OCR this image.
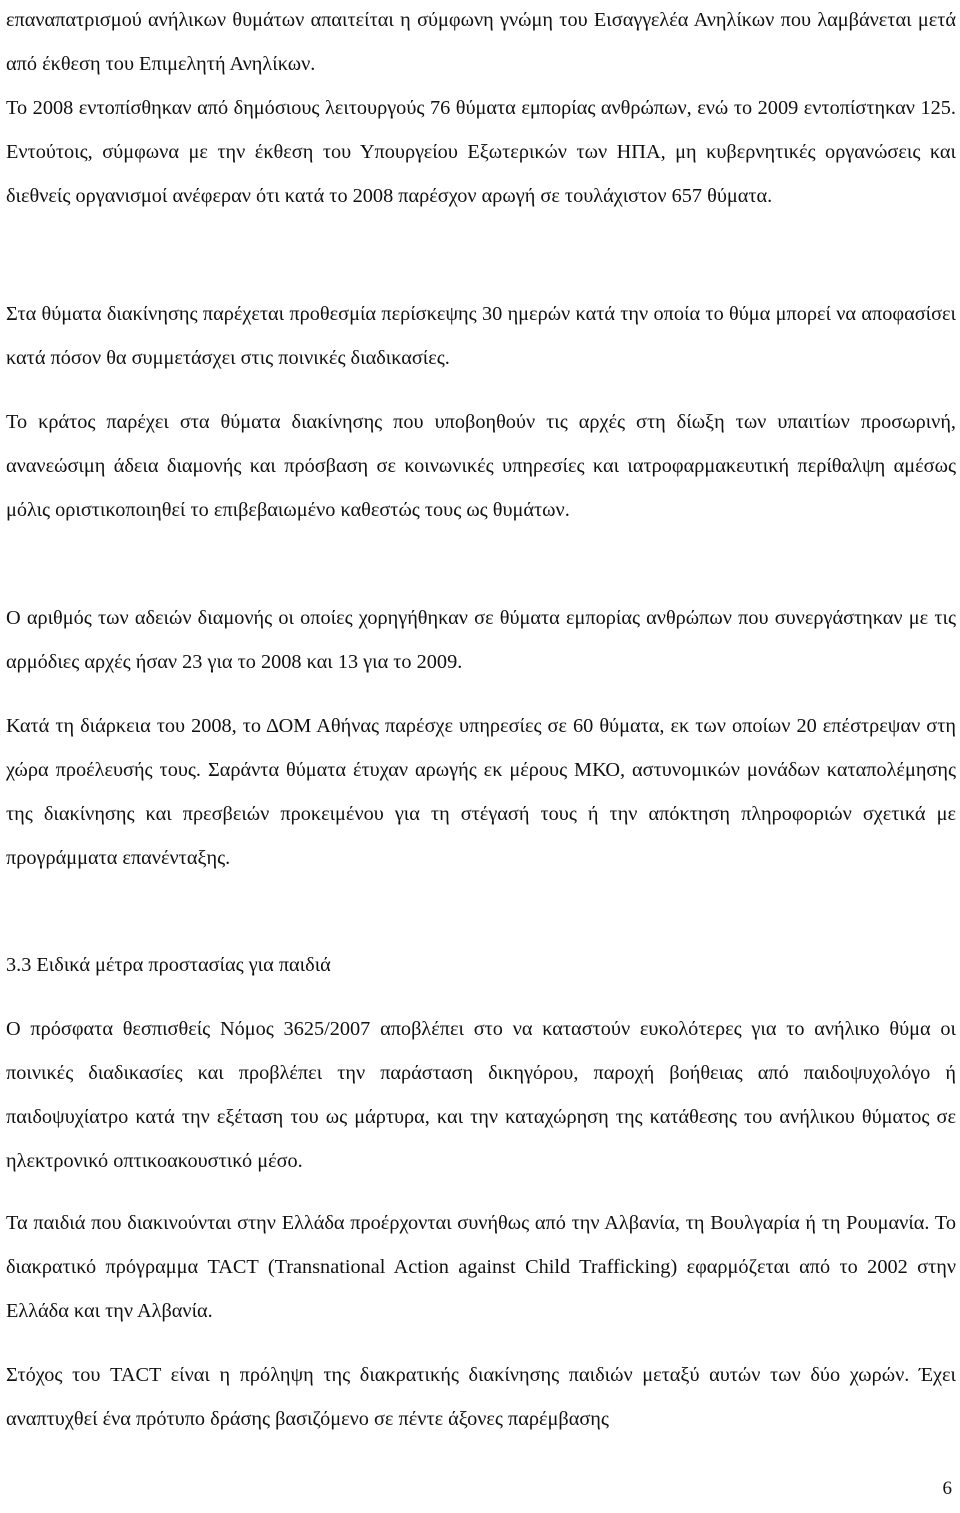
επαναπατρισμού ανήλικων θυμάτων απαιτείται η σύμφωνη γνώμη του Εισαγγελέα Ανηλίκων που λαμβάνεται μετά από έκθεση του Επιμελητή Ανηλίκων.

Το 2008 εντοπίσθηκαν από δημόσιους λειτουργούς 76 θύματα εμπορίας ανθρώπων, ενώ το 2009 εντοπίστηκαν 125. Εντούτοις, σύμφωνα με την έκθεση του Υπουργείου Εξωτερικών των ΗΠΑ, μη κυβερνητικές οργανώσεις και διεθνείς οργανισμοί ανέφεραν ότι κατά το 2008 παρέσχον αρωγή σε τουλάχιστον 657 θύματα.

Στα θύματα διακίνησης παρέχεται προθεσμία περίσκεψης 30 ημερών κατά την οποία το θύμα μπορεί να αποφασίσει κατά πόσον θα συμμετάσχει στις ποινικές διαδικασίες.

Το κράτος παρέχει στα θύματα διακίνησης που υποβοηθούν τις αρχές στη δίωξη των υπαιτίων προσωρινή, ανανεώσιμη άδεια διαμονής και πρόσβαση σε κοινωνικές υπηρεσίες και ιατροφαρμακευτική περίθαλψη αμέσως μόλις οριστικοποιηθεί το επιβεβαιωμένο καθεστώς τους ως θυμάτων.

Ο αριθμός των αδειών διαμονής οι οποίες χορηγήθηκαν σε θύματα εμπορίας ανθρώπων που συνεργάστηκαν με τις αρμόδιες αρχές ήσαν 23 για το 2008 και 13 για το 2009.

Κατά τη διάρκεια του 2008, το ΔΟΜ Αθήνας παρέσχε υπηρεσίες σε 60 θύματα, εκ των οποίων 20 επέστρεψαν στη χώρα προέλευσής τους. Σαράντα θύματα έτυχαν αρωγής εκ μέρους ΜΚΟ, αστυνομικών μονάδων καταπολέμησης της διακίνησης και πρεσβειών προκειμένου για τη στέγασή τους ή την απόκτηση πληροφοριών σχετικά με προγράμματα επανένταξης.

3.3 Ειδικά μέτρα προστασίας για παιδιά

Ο πρόσφατα θεσπισθείς Νόμος 3625/2007 αποβλέπει στο να καταστούν ευκολότερες για το ανήλικο θύμα οι ποινικές διαδικασίες και προβλέπει την παράσταση δικηγόρου, παροχή βοήθειας από παιδοψυχολόγο ή παιδοψυχίατρο κατά την εξέταση του ως μάρτυρα, και την καταχώρηση της κατάθεσης του ανήλικου θύματος σε ηλεκτρονικό οπτικοακουστικό μέσο.

Τα παιδιά που διακινούνται στην Ελλάδα προέρχονται συνήθως από την Αλβανία, τη Βουλγαρία ή τη Ρουμανία. Το διακρατικό πρόγραμμα TACT (Transnational Action against Child Trafficking) εφαρμόζεται από το 2002 στην Ελλάδα και την Αλβανία.

Στόχος του TACT είναι η πρόληψη της διακρατικής διακίνησης παιδιών μεταξύ αυτών των δύο χωρών. Έχει αναπτυχθεί ένα πρότυπο δράσης βασιζόμενο σε πέντε άξονες παρέμβασης

6
